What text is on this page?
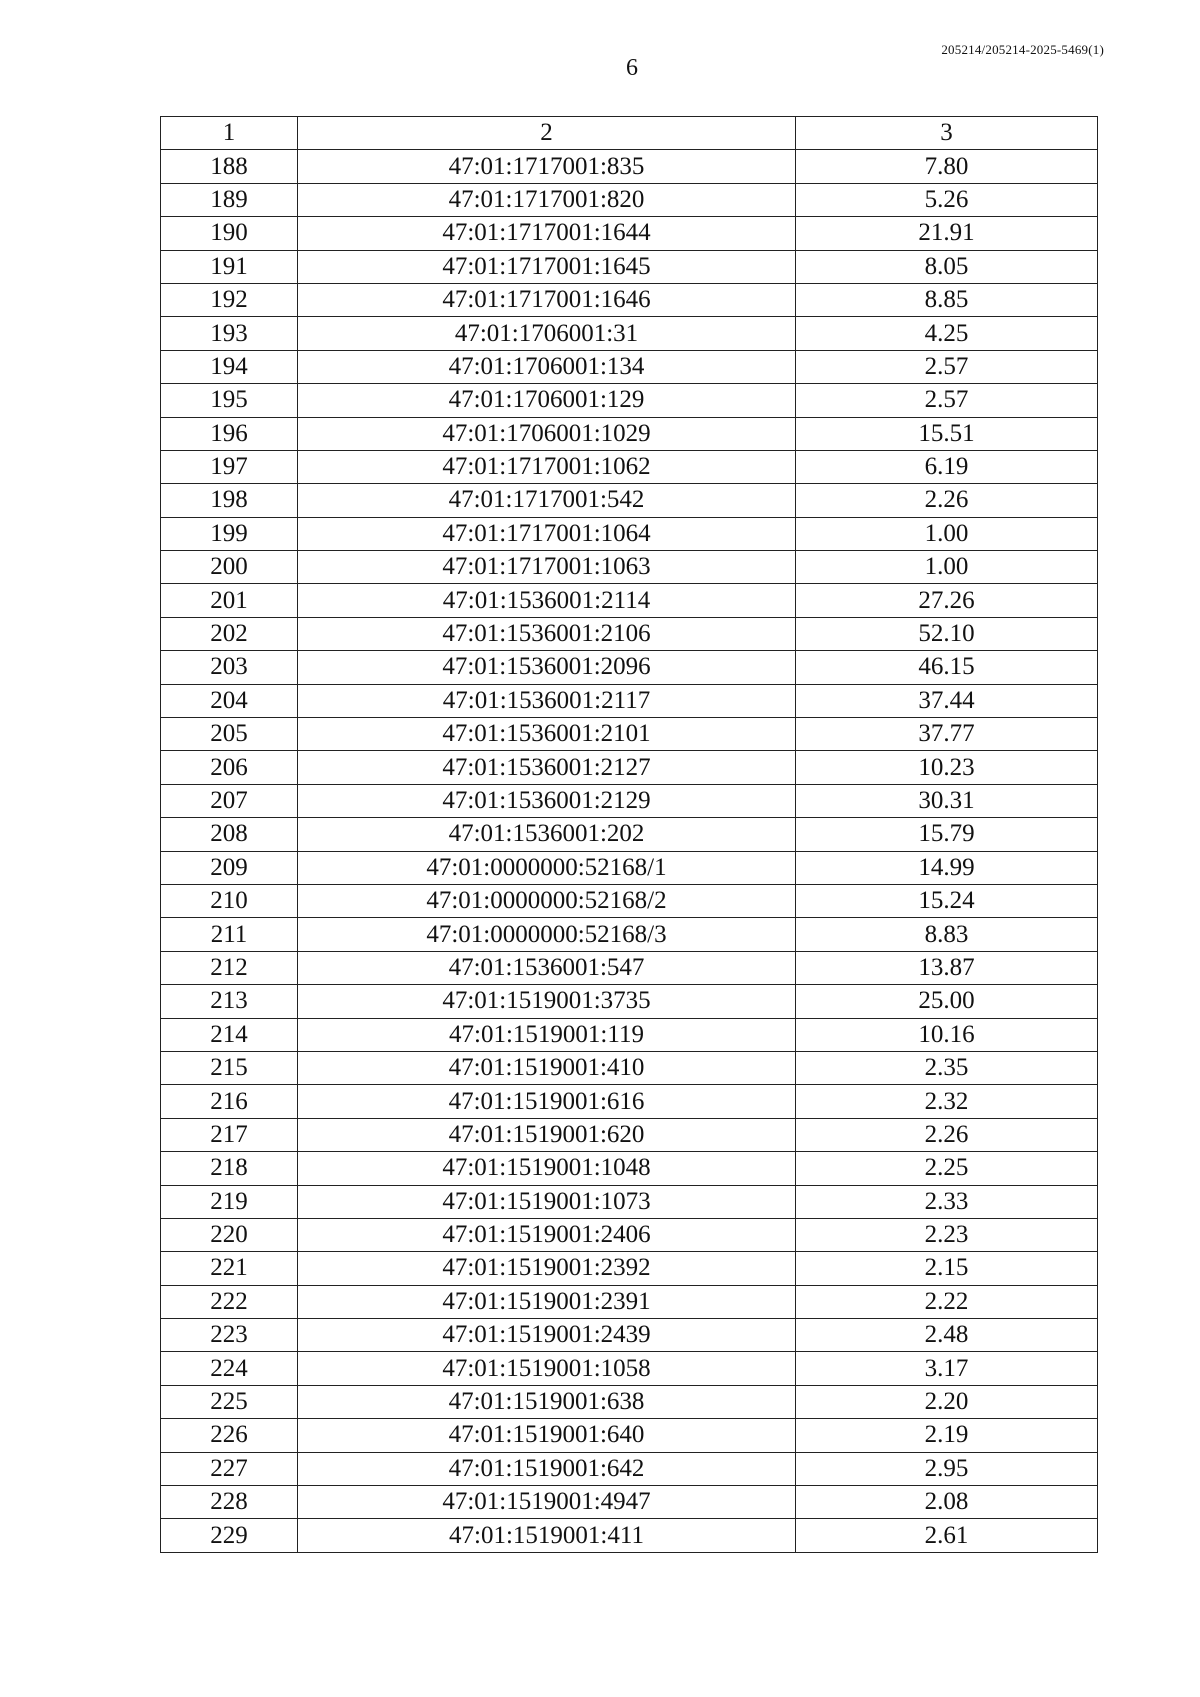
6
205214/205214-2025-5469(1)
1	2	3
188	47:01:1717001:835	7.80
189	47:01:1717001:820	5.26
190	47:01:1717001:1644	21.91
191	47:01:1717001:1645	8.05
192	47:01:1717001:1646	8.85
193	47:01:1706001:31	4.25
194	47:01:1706001:134	2.57
195	47:01:1706001:129	2.57
196	47:01:1706001:1029	15.51
197	47:01:1717001:1062	6.19
198	47:01:1717001:542	2.26
199	47:01:1717001:1064	1.00
200	47:01:1717001:1063	1.00
201	47:01:1536001:2114	27.26
202	47:01:1536001:2106	52.10
203	47:01:1536001:2096	46.15
204	47:01:1536001:2117	37.44
205	47:01:1536001:2101	37.77
206	47:01:1536001:2127	10.23
207	47:01:1536001:2129	30.31
208	47:01:1536001:202	15.79
209	47:01:0000000:52168/1	14.99
210	47:01:0000000:52168/2	15.24
211	47:01:0000000:52168/3	8.83
212	47:01:1536001:547	13.87
213	47:01:1519001:3735	25.00
214	47:01:1519001:119	10.16
215	47:01:1519001:410	2.35
216	47:01:1519001:616	2.32
217	47:01:1519001:620	2.26
218	47:01:1519001:1048	2.25
219	47:01:1519001:1073	2.33
220	47:01:1519001:2406	2.23
221	47:01:1519001:2392	2.15
222	47:01:1519001:2391	2.22
223	47:01:1519001:2439	2.48
224	47:01:1519001:1058	3.17
225	47:01:1519001:638	2.20
226	47:01:1519001:640	2.19
227	47:01:1519001:642	2.95
228	47:01:1519001:4947	2.08
229	47:01:1519001:411	2.61
